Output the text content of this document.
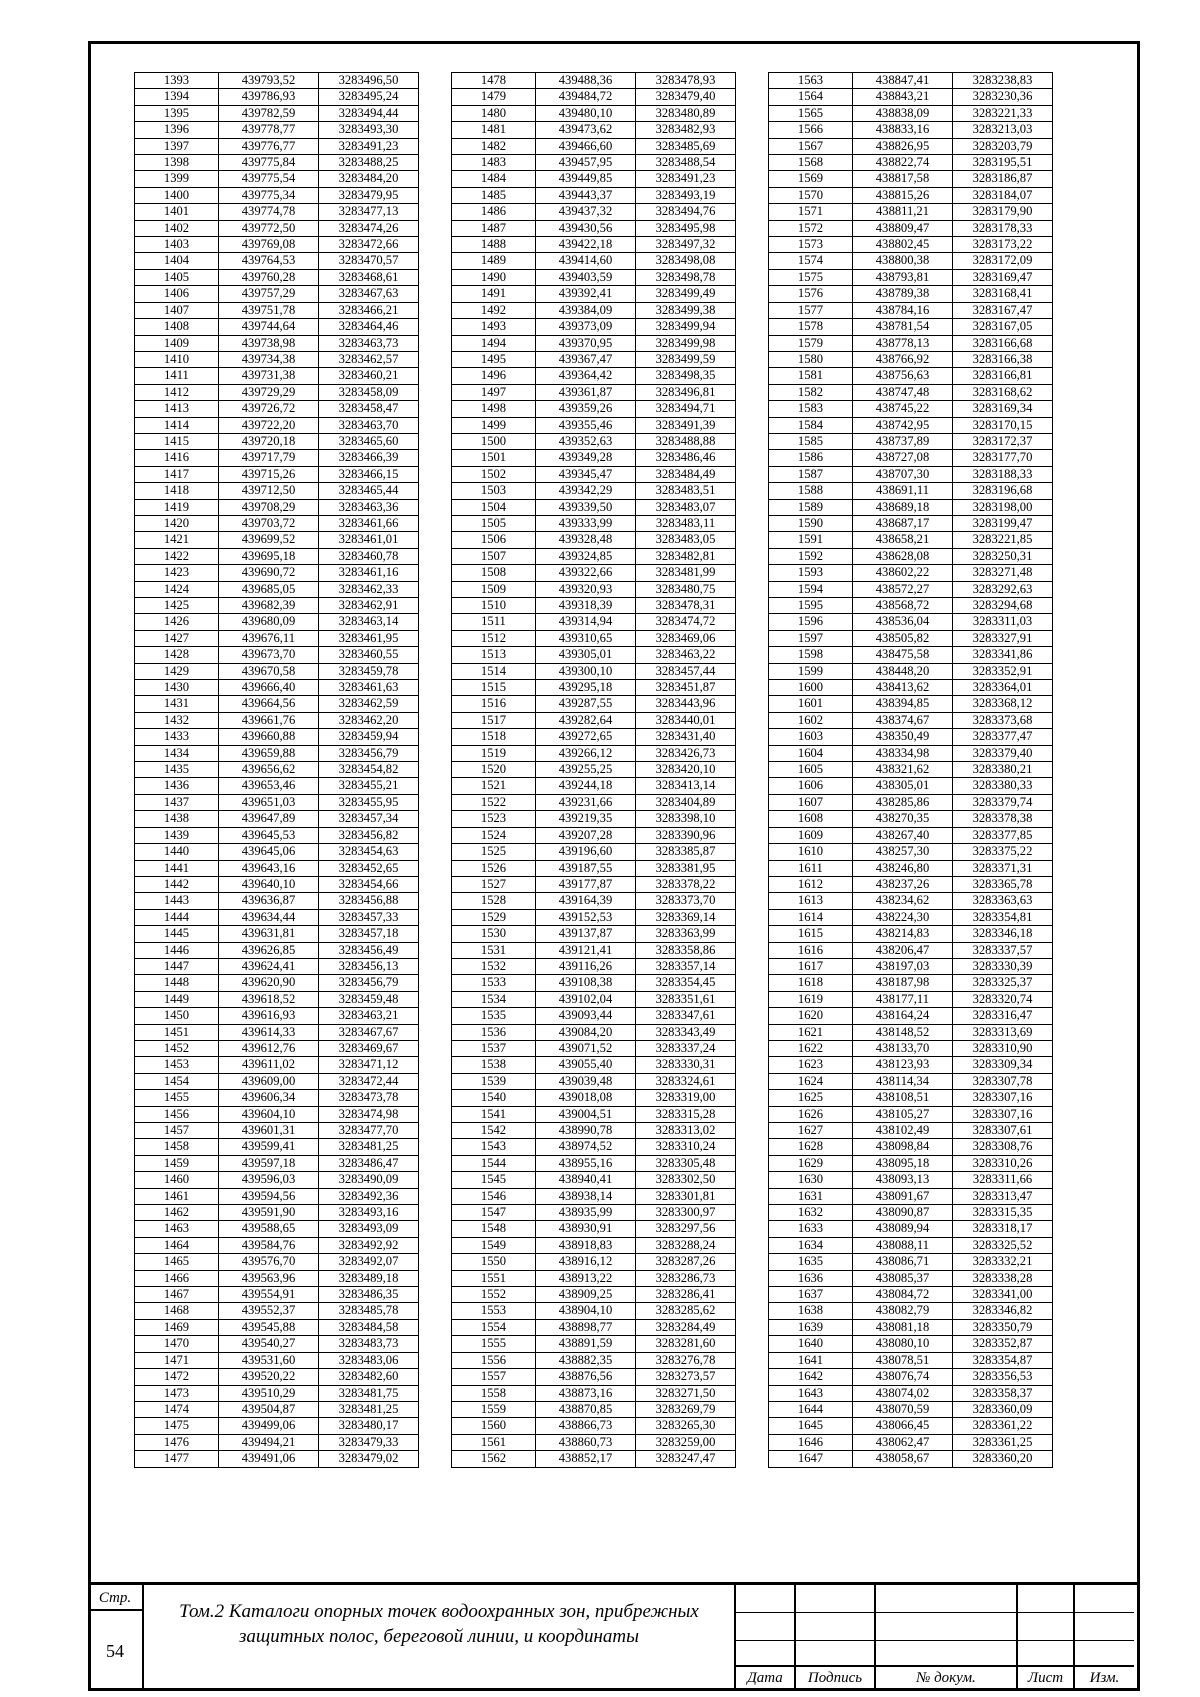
1393	439793,52	3283496,50
1394	439786,93	3283495,24
1395	439782,59	3283494,44
1396	439778,77	3283493,30
1397	439776,77	3283491,23
1398	439775,84	3283488,25
1399	439775,54	3283484,20
1400	439775,34	3283479,95
1401	439774,78	3283477,13
1402	439772,50	3283474,26
1403	439769,08	3283472,66
1404	439764,53	3283470,57
1405	439760,28	3283468,61
1406	439757,29	3283467,63
1407	439751,78	3283466,21
1408	439744,64	3283464,46
1409	439738,98	3283463,73
1410	439734,38	3283462,57
1411	439731,38	3283460,21
1412	439729,29	3283458,09
1413	439726,72	3283458,47
1414	439722,20	3283463,70
1415	439720,18	3283465,60
1416	439717,79	3283466,39
1417	439715,26	3283466,15
1418	439712,50	3283465,44
1419	439708,29	3283463,36
1420	439703,72	3283461,66
1421	439699,52	3283461,01
1422	439695,18	3283460,78
1423	439690,72	3283461,16
1424	439685,05	3283462,33
1425	439682,39	3283462,91
1426	439680,09	3283463,14
1427	439676,11	3283461,95
1428	439673,70	3283460,55
1429	439670,58	3283459,78
1430	439666,40	3283461,63
1431	439664,56	3283462,59
1432	439661,76	3283462,20
1433	439660,88	3283459,94
1434	439659,88	3283456,79
1435	439656,62	3283454,82
1436	439653,46	3283455,21
1437	439651,03	3283455,95
1438	439647,89	3283457,34
1439	439645,53	3283456,82
1440	439645,06	3283454,63
1441	439643,16	3283452,65
1442	439640,10	3283454,66
1443	439636,87	3283456,88
1444	439634,44	3283457,33
1445	439631,81	3283457,18
1446	439626,85	3283456,49
1447	439624,41	3283456,13
1448	439620,90	3283456,79
1449	439618,52	3283459,48
1450	439616,93	3283463,21
1451	439614,33	3283467,67
1452	439612,76	3283469,67
1453	439611,02	3283471,12
1454	439609,00	3283472,44
1455	439606,34	3283473,78
1456	439604,10	3283474,98
1457	439601,31	3283477,70
1458	439599,41	3283481,25
1459	439597,18	3283486,47
1460	439596,03	3283490,09
1461	439594,56	3283492,36
1462	439591,90	3283493,16
1463	439588,65	3283493,09
1464	439584,76	3283492,92
1465	439576,70	3283492,07
1466	439563,96	3283489,18
1467	439554,91	3283486,35
1468	439552,37	3283485,78
1469	439545,88	3283484,58
1470	439540,27	3283483,73
1471	439531,60	3283483,06
1472	439520,22	3283482,60
1473	439510,29	3283481,75
1474	439504,87	3283481,25
1475	439499,06	3283480,17
1476	439494,21	3283479,33
1477	439491,06	3283479,02
1478	439488,36	3283478,93
1479	439484,72	3283479,40
1480	439480,10	3283480,89
1481	439473,62	3283482,93
1482	439466,60	3283485,69
1483	439457,95	3283488,54
1484	439449,85	3283491,23
1485	439443,37	3283493,19
1486	439437,32	3283494,76
1487	439430,56	3283495,98
1488	439422,18	3283497,32
1489	439414,60	3283498,08
1490	439403,59	3283498,78
1491	439392,41	3283499,49
1492	439384,09	3283499,38
1493	439373,09	3283499,94
1494	439370,95	3283499,98
1495	439367,47	3283499,59
1496	439364,42	3283498,35
1497	439361,87	3283496,81
1498	439359,26	3283494,71
1499	439355,46	3283491,39
1500	439352,63	3283488,88
1501	439349,28	3283486,46
1502	439345,47	3283484,49
1503	439342,29	3283483,51
1504	439339,50	3283483,07
1505	439333,99	3283483,11
1506	439328,48	3283483,05
1507	439324,85	3283482,81
1508	439322,66	3283481,99
1509	439320,93	3283480,75
1510	439318,39	3283478,31
1511	439314,94	3283474,72
1512	439310,65	3283469,06
1513	439305,01	3283463,22
1514	439300,10	3283457,44
1515	439295,18	3283451,87
1516	439287,55	3283443,96
1517	439282,64	3283440,01
1518	439272,65	3283431,40
1519	439266,12	3283426,73
1520	439255,25	3283420,10
1521	439244,18	3283413,14
1522	439231,66	3283404,89
1523	439219,35	3283398,10
1524	439207,28	3283390,96
1525	439196,60	3283385,87
1526	439187,55	3283381,95
1527	439177,87	3283378,22
1528	439164,39	3283373,70
1529	439152,53	3283369,14
1530	439137,87	3283363,99
1531	439121,41	3283358,86
1532	439116,26	3283357,14
1533	439108,38	3283354,45
1534	439102,04	3283351,61
1535	439093,44	3283347,61
1536	439084,20	3283343,49
1537	439071,52	3283337,24
1538	439055,40	3283330,31
1539	439039,48	3283324,61
1540	439018,08	3283319,00
1541	439004,51	3283315,28
1542	438990,78	3283313,02
1543	438974,52	3283310,24
1544	438955,16	3283305,48
1545	438940,41	3283302,50
1546	438938,14	3283301,81
1547	438935,99	3283300,97
1548	438930,91	3283297,56
1549	438918,83	3283288,24
1550	438916,12	3283287,26
1551	438913,22	3283286,73
1552	438909,25	3283286,41
1553	438904,10	3283285,62
1554	438898,77	3283284,49
1555	438891,59	3283281,60
1556	438882,35	3283276,78
1557	438876,56	3283273,57
1558	438873,16	3283271,50
1559	438870,85	3283269,79
1560	438866,73	3283265,30
1561	438860,73	3283259,00
1562	438852,17	3283247,47
1563	438847,41	3283238,83
1564	438843,21	3283230,36
1565	438838,09	3283221,33
1566	438833,16	3283213,03
1567	438826,95	3283203,79
1568	438822,74	3283195,51
1569	438817,58	3283186,87
1570	438815,26	3283184,07
1571	438811,21	3283179,90
1572	438809,47	3283178,33
1573	438802,45	3283173,22
1574	438800,38	3283172,09
1575	438793,81	3283169,47
1576	438789,38	3283168,41
1577	438784,16	3283167,47
1578	438781,54	3283167,05
1579	438778,13	3283166,68
1580	438766,92	3283166,38
1581	438756,63	3283166,81
1582	438747,48	3283168,62
1583	438745,22	3283169,34
1584	438742,95	3283170,15
1585	438737,89	3283172,37
1586	438727,08	3283177,70
1587	438707,30	3283188,33
1588	438691,11	3283196,68
1589	438689,18	3283198,00
1590	438687,17	3283199,47
1591	438658,21	3283221,85
1592	438628,08	3283250,31
1593	438602,22	3283271,48
1594	438572,27	3283292,63
1595	438568,72	3283294,68
1596	438536,04	3283311,03
1597	438505,82	3283327,91
1598	438475,58	3283341,86
1599	438448,20	3283352,91
1600	438413,62	3283364,01
1601	438394,85	3283368,12
1602	438374,67	3283373,68
1603	438350,49	3283377,47
1604	438334,98	3283379,40
1605	438321,62	3283380,21
1606	438305,01	3283380,33
1607	438285,86	3283379,74
1608	438270,35	3283378,38
1609	438267,40	3283377,85
1610	438257,30	3283375,22
1611	438246,80	3283371,31
1612	438237,26	3283365,78
1613	438234,62	3283363,63
1614	438224,30	3283354,81
1615	438214,83	3283346,18
1616	438206,47	3283337,57
1617	438197,03	3283330,39
1618	438187,98	3283325,37
1619	438177,11	3283320,74
1620	438164,24	3283316,47
1621	438148,52	3283313,69
1622	438133,70	3283310,90
1623	438123,93	3283309,34
1624	438114,34	3283307,78
1625	438108,51	3283307,16
1626	438105,27	3283307,16
1627	438102,49	3283307,61
1628	438098,84	3283308,76
1629	438095,18	3283310,26
1630	438093,13	3283311,66
1631	438091,67	3283313,47
1632	438090,87	3283315,35
1633	438089,94	3283318,17
1634	438088,11	3283325,52
1635	438086,71	3283332,21
1636	438085,37	3283338,28
1637	438084,72	3283341,00
1638	438082,79	3283346,82
1639	438081,18	3283350,79
1640	438080,10	3283352,87
1641	438078,51	3283354,87
1642	438076,74	3283356,53
1643	438074,02	3283358,37
1644	438070,59	3283360,09
1645	438066,45	3283361,22
1646	438062,47	3283361,25
1647	438058,67	3283360,20
Стр.
54
Том.2 Каталоги опорных точек водоохранных зон, прибрежных
защитных полос, береговой линии, и координаты
Дата	Подпись	№ докум.	Лист	Изм.
